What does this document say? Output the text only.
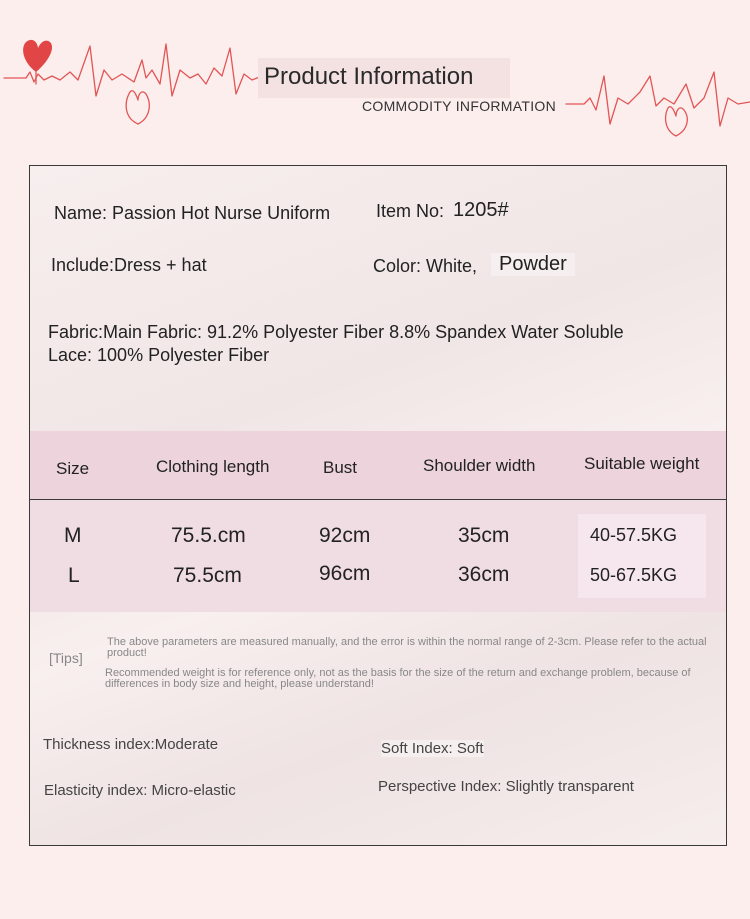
Product Information
COMMODITY INFORMATION
Name: Passion Hot Nurse Uniform	Item No: 1205#
Include:Dress + hat	Color: White,	Powder
Fabric:Main Fabric: 91.2% Polyester Fiber 8.8% Spandex Water Soluble
Lace: 100% Polyester Fiber
Size	Clothing length	Bust	Shoulder width	Suitable weight
M	75.5.cm	92cm	35cm	40-57.5KG
L	75.5cm	96cm	36cm	50-67.5KG
[Tips]
The above parameters are measured manually, and the error is within the normal range of 2-3cm. Please refer to the actual product!
Recommended weight is for reference only, not as the basis for the size of the return and exchange problem, because of differences in body size and height, please understand!
Thickness index:Moderate	Soft Index: Soft
Elasticity index: Micro-elastic	Perspective Index: Slightly transparent
